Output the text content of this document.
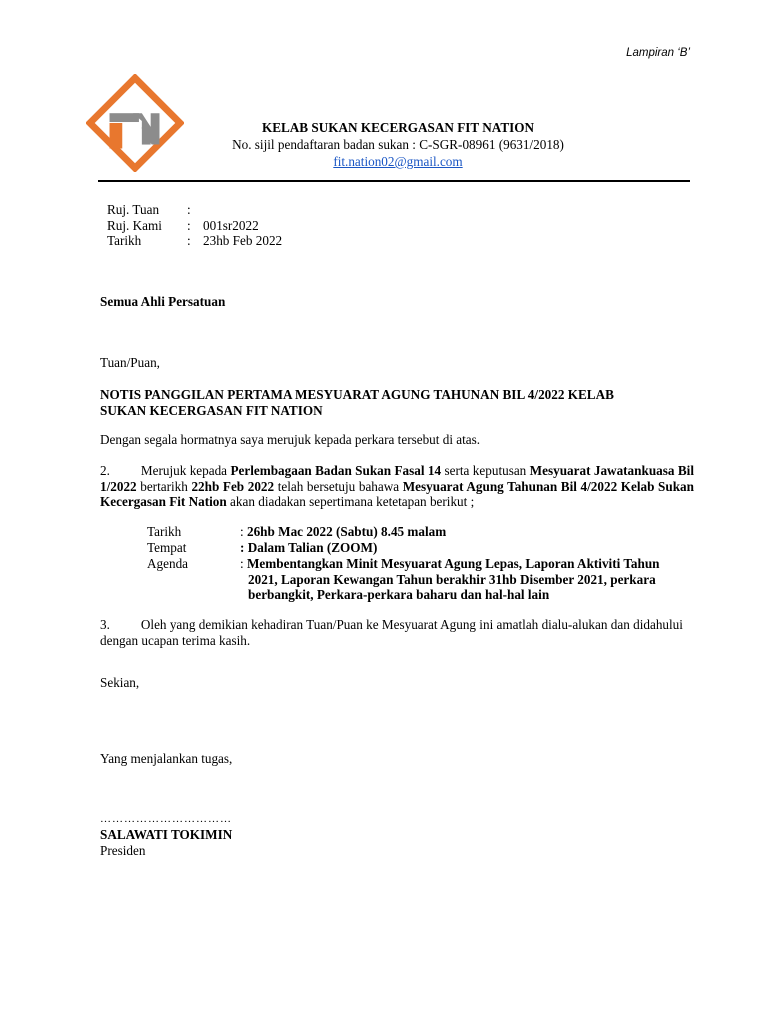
Lampiran ‘B’
KELAB SUKAN KECERGASAN FIT NATION
No. sijil pendaftaran badan sukan : C-SGR-08961 (9631/2018)
fit.nation02@gmail.com
Ruj. Tuan :
Ruj. Kami : 001sr2022
Tarikh	: 23hb Feb 2022
Semua Ahli Persatuan
Tuan/Puan,
NOTIS PANGGILAN PERTAMA MESYUARAT AGUNG TAHUNAN BIL 4/2022 KELAB
SUKAN KECERGASAN FIT NATION
Dengan segala hormatnya saya merujuk kepada perkara tersebut di atas.
2. Merujuk kepada Perlembagaan Badan Sukan Fasal 14 serta keputusan Mesyuarat Jawatankuasa Bil 1/2022 bertarikh 22hb Feb 2022 telah bersetuju bahawa Mesyuarat Agung Tahunan Bil 4/2022 Kelab Sukan Kecergasan Fit Nation akan diadakan sepertimana ketetapan berikut ;
Tarikh	: 26hb Mac 2022 (Sabtu) 8.45 malam
Tempat	: Dalam Talian (ZOOM)
Agenda	: Membentangkan Minit Mesyuarat Agung Lepas, Laporan Aktiviti Tahun
2021, Laporan Kewangan Tahun berakhir 31hb Disember 2021, perkara
berbangkit, Perkara-perkara baharu dan hal-hal lain
3. Oleh yang demikian kehadiran Tuan/Puan ke Mesyuarat Agung ini amatlah dialu-alukan dan didahului dengan ucapan terima kasih.
Sekian,
Yang menjalankan tugas,
……………………………
SALAWATI TOKIMIN
Presiden
